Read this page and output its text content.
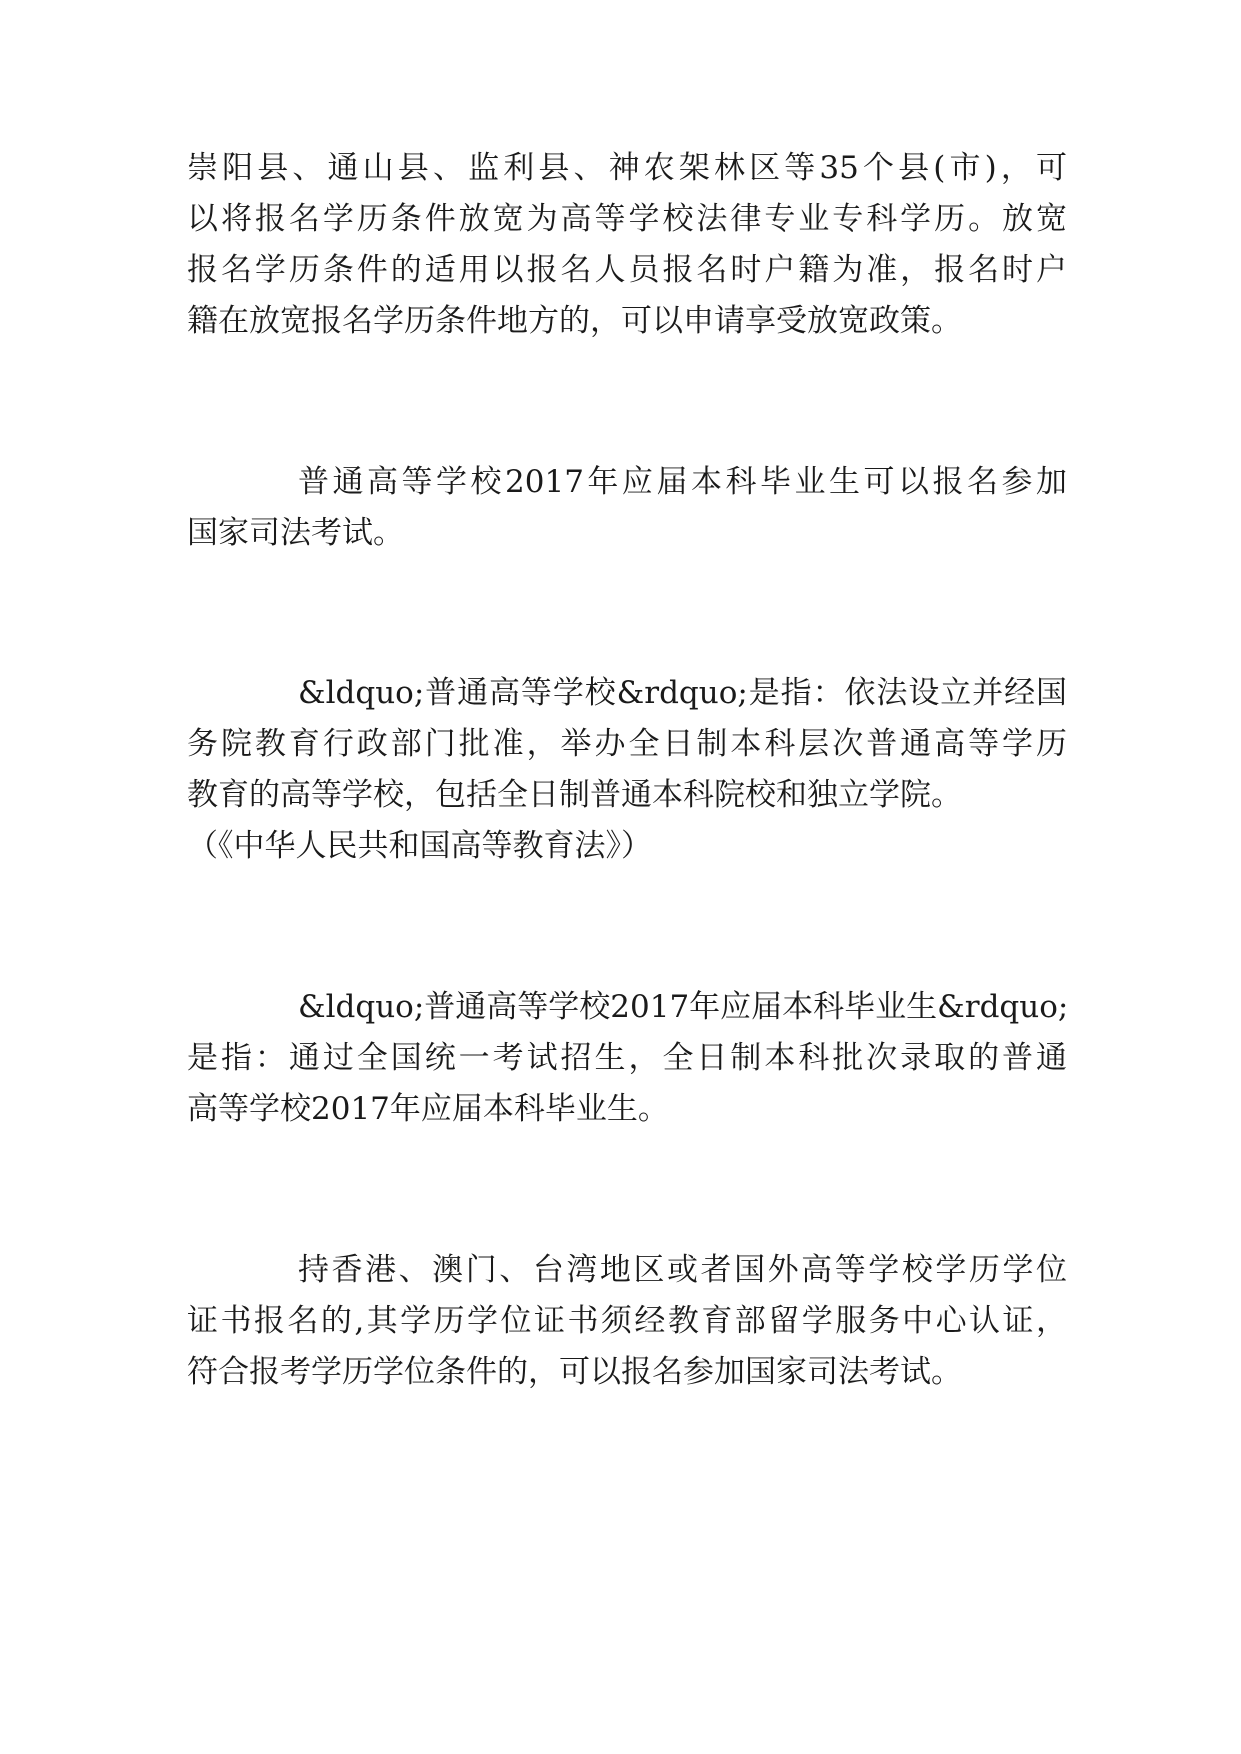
崇阳县、通山县、监利县、神农架林区等35个县(市)，可
以将报名学历条件放宽为高等学校法律专业专科学历。放宽
报名学历条件的适用以报名人员报名时户籍为准，报名时户
籍在放宽报名学历条件地方的，可以申请享受放宽政策。
普通高等学校2017年应届本科毕业生可以报名参加
国家司法考试。
&ldquo;普通高等学校&rdquo;是指：依法设立并经国
务院教育行政部门批准，举办全日制本科层次普通高等学历
教育的高等学校，包括全日制普通本科院校和独立学院。
（《中华人民共和国高等教育法》）
&ldquo;普通高等学校2017年应届本科毕业生&rdquo;
是指：通过全国统一考试招生，全日制本科批次录取的普通
高等学校2017年应届本科毕业生。
持香港、澳门、台湾地区或者国外高等学校学历学位
证书报名的,其学历学位证书须经教育部留学服务中心认证，
符合报考学历学位条件的，可以报名参加国家司法考试。
